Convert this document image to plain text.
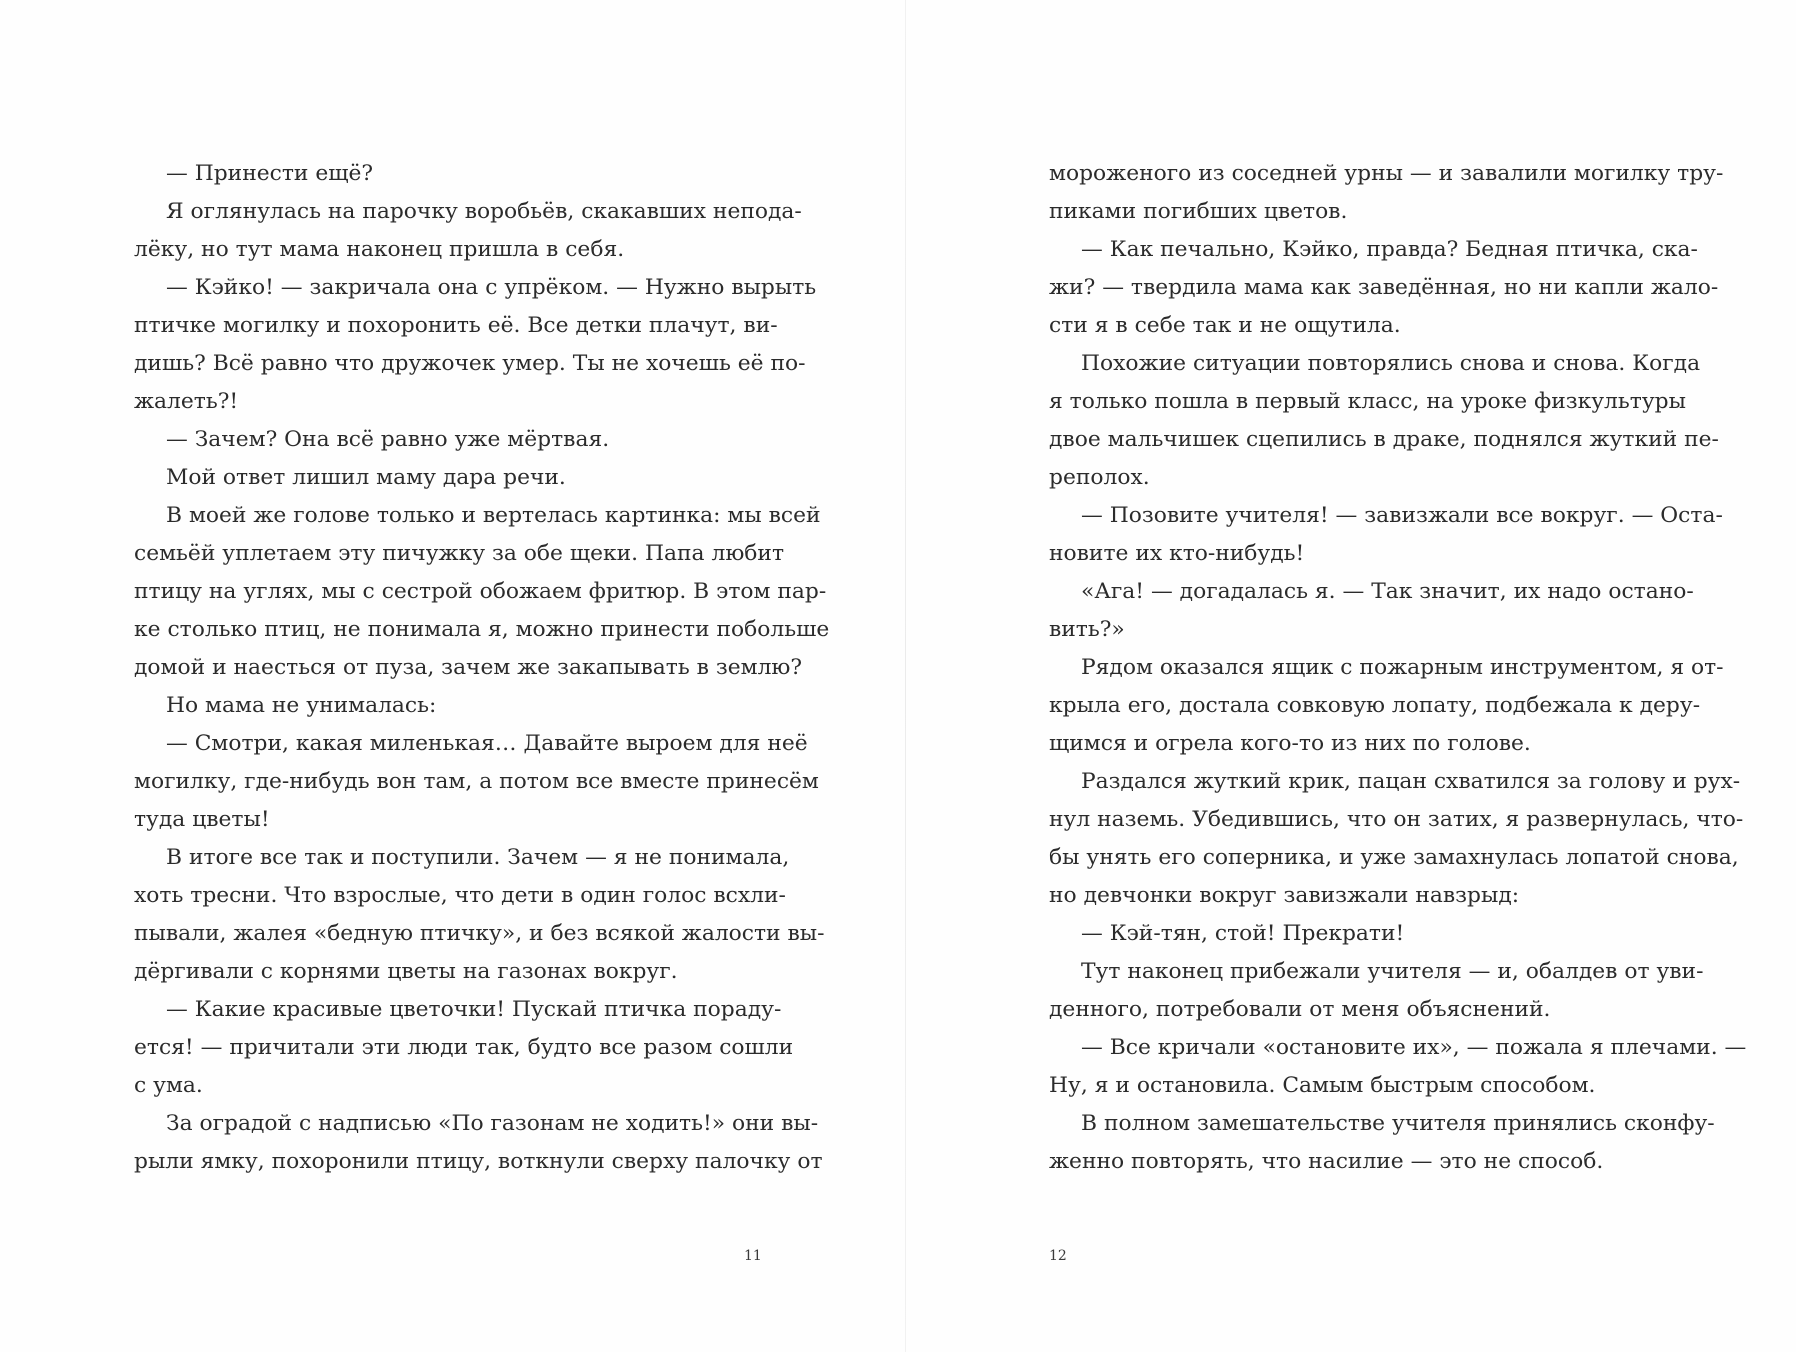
— Принести ещё?
Я оглянулась на парочку воробьёв, скакавших непода-
лёку, но тут мама наконец пришла в себя.
— Кэйко! — закричала она с упрёком. — Нужно вырыть
птичке могилку и похоронить её. Все детки плачут, ви-
дишь? Всё равно что дружочек умер. Ты не хочешь её по-
жалеть?!
— Зачем? Она всё равно уже мёртвая.
Мой ответ лишил маму дара речи.
В моей же голове только и вертелась картинка: мы всей
семьёй уплетаем эту пичужку за обе щеки. Папа любит
птицу на углях, мы с сестрой обожаем фритюр. В этом пар-
ке столько птиц, не понимала я, можно принести побольше
домой и наесться от пуза, зачем же закапывать в землю?
Но мама не унималась:
— Смотри, какая миленькая… Давайте выроем для неё
могилку, где-нибудь вон там, а потом все вместе принесём
туда цветы!
В итоге все так и поступили. Зачем — я не понимала,
хоть тресни. Что взрослые, что дети в один голос всхли-
пывали, жалея «бедную птичку», и без всякой жалости вы-
дёргивали с корнями цветы на газонах вокруг.
— Какие красивые цветочки! Пускай птичка поpаду-
ется! — причитали эти люди так, будто все разом сошли
с ума.
За оградой с надписью «По газонам не ходить!» они вы-
рыли ямку, похоронили птицу, воткнули сверху палочку от
11
мороженого из соседней урны — и завалили могилку тру-
пиками погибших цветов.
— Как печально, Кэйко, правда? Бедная птичка, ска-
жи? — твердила мама как заведённая, но ни капли жало-
сти я в себе так и не ощутила.
Похожие ситуации повторялись снова и снова. Когда
я только пошла в первый класс, на уроке физкультуры
двое мальчишек сцепились в драке, поднялся жуткий пе-
реполох.
— Позовите учителя! — завизжали все вокруг. — Оста-
новите их кто-нибудь!
«Ага! — догадалась я. — Так значит, их надо остано-
вить?»
Рядом оказался ящик с пожарным инструментом, я от-
крыла его, достала совковую лопату, подбежала к деру-
щимся и огрела кого-то из них по голове.
Раздался жуткий крик, пацан схватился за голову и рух-
нул наземь. Убедившись, что он затих, я развернулась, что-
бы унять его соперника, и уже замахнулась лопатой снова,
но девчонки вокруг завизжали навзрыд:
— Кэй-тян, стой! Прекрати!
Тут наконец прибежали учителя — и, обалдев от уви-
денного, потребовали от меня объяснений.
— Все кричали «остановите их», — пожала я плечами. —
Ну, я и остановила. Самым быстрым способом.
В полном замешательстве учителя принялись сконфу-
женно повторять, что насилие — это не способ.
12
